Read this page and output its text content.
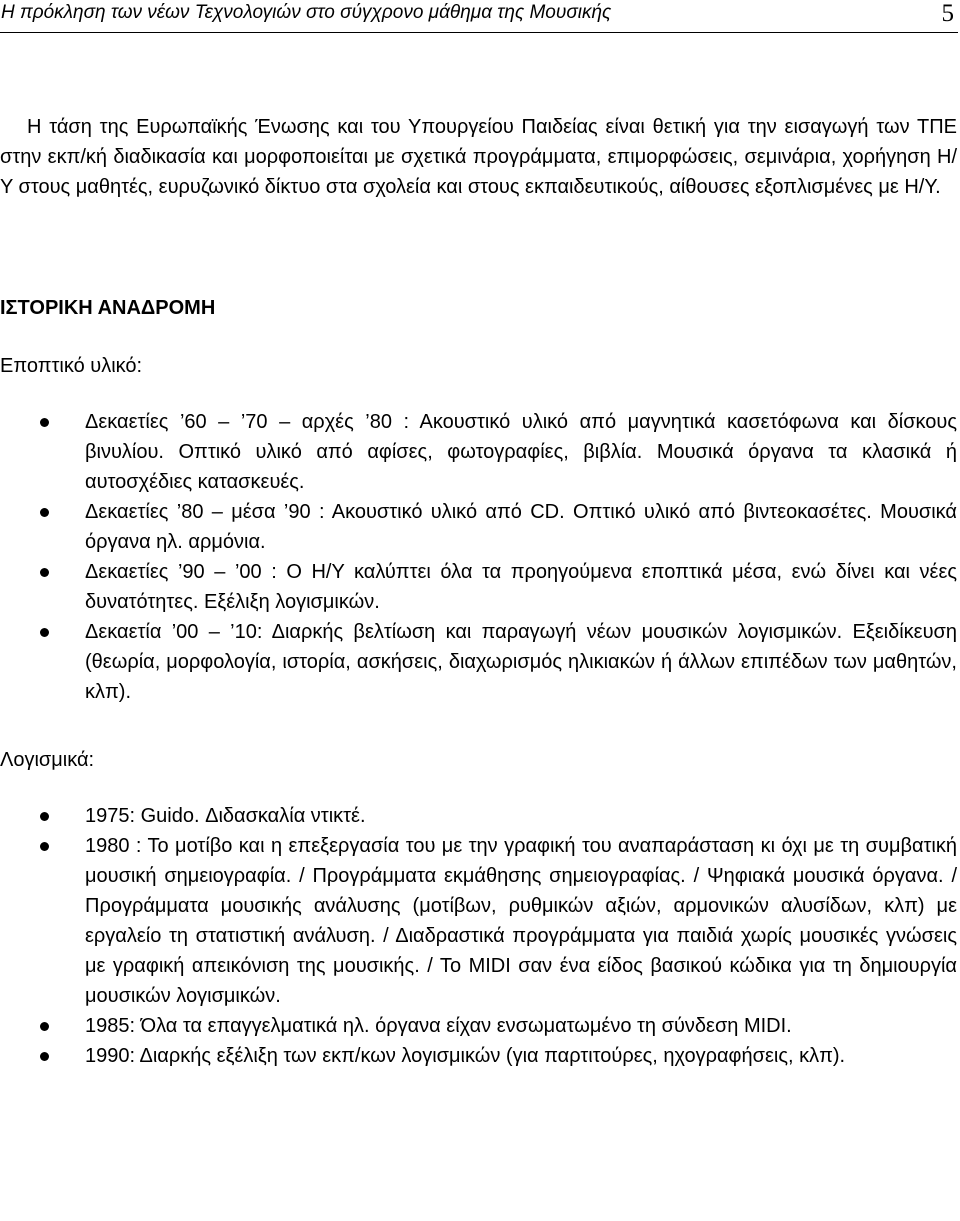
Η πρόκληση των νέων Τεχνολογιών στο σύγχρονο μάθημα της Μουσικής	5

Η τάση της Ευρωπαϊκής Ένωσης και του Υπουργείου Παιδείας είναι θετική για την εισαγωγή των ΤΠΕ στην εκπ/κή διαδικασία και μορφοποιείται με σχετικά προγράμματα, επιμορφώσεις, σεμινάρια, χορήγηση Η/Υ στους μαθητές, ευρυζωνικό δίκτυο στα σχολεία και στους εκπαιδευτικούς, αίθουσες εξοπλισμένες με Η/Υ.

ΙΣΤΟΡΙΚΗ ΑΝΑΔΡΟΜΗ
Εποπτικό υλικό:
Δεκαετίες ’60 – ’70 – αρχές ’80 : Ακουστικό υλικό από μαγνητικά κασετόφωνα και δίσκους βινυλίου. Οπτικό υλικό από αφίσες, φωτογραφίες, βιβλία. Μουσικά όργανα τα κλασικά ή αυτοσχέδιες κατασκευές.
Δεκαετίες ’80 – μέσα ’90 : Ακουστικό υλικό από CD. Οπτικό υλικό από βιντεοκασέτες. Μουσικά όργανα ηλ. αρμόνια.
Δεκαετίες ’90 – ’00 : Ο Η/Υ καλύπτει όλα τα προηγούμενα εποπτικά μέσα, ενώ δίνει και νέες δυνατότητες. Εξέλιξη λογισμικών.
Δεκαετία ’00 – ’10: Διαρκής βελτίωση και παραγωγή νέων μουσικών λογισμικών. Εξειδίκευση (θεωρία, μορφολογία, ιστορία, ασκήσεις, διαχωρισμός ηλικιακών ή άλλων επιπέδων των μαθητών, κλπ).
Λογισμικά:
1975: Guido. Διδασκαλία ντικτέ.
1980 : Το μοτίβο και η επεξεργασία του με την γραφική του αναπαράσταση κι όχι με τη συμβατική μουσική σημειογραφία. / Προγράμματα εκμάθησης σημειογραφίας. / Ψηφιακά μουσικά όργανα. / Προγράμματα μουσικής ανάλυσης (μοτίβων, ρυθμικών αξιών, αρμονικών αλυσίδων, κλπ) με εργαλείο τη στατιστική ανάλυση. / Διαδραστικά προγράμματα για παιδιά χωρίς μουσικές γνώσεις με γραφική απεικόνιση της μουσικής. / Το MIDI σαν ένα είδος βασικού κώδικα για τη δημιουργία μουσικών λογισμικών.
1985: Όλα τα επαγγελματικά ηλ. όργανα είχαν ενσωματωμένο τη σύνδεση MIDI.
1990: Διαρκής εξέλιξη των εκπ/κων λογισμικών (για παρτιτούρες, ηχογραφήσεις, κλπ).
